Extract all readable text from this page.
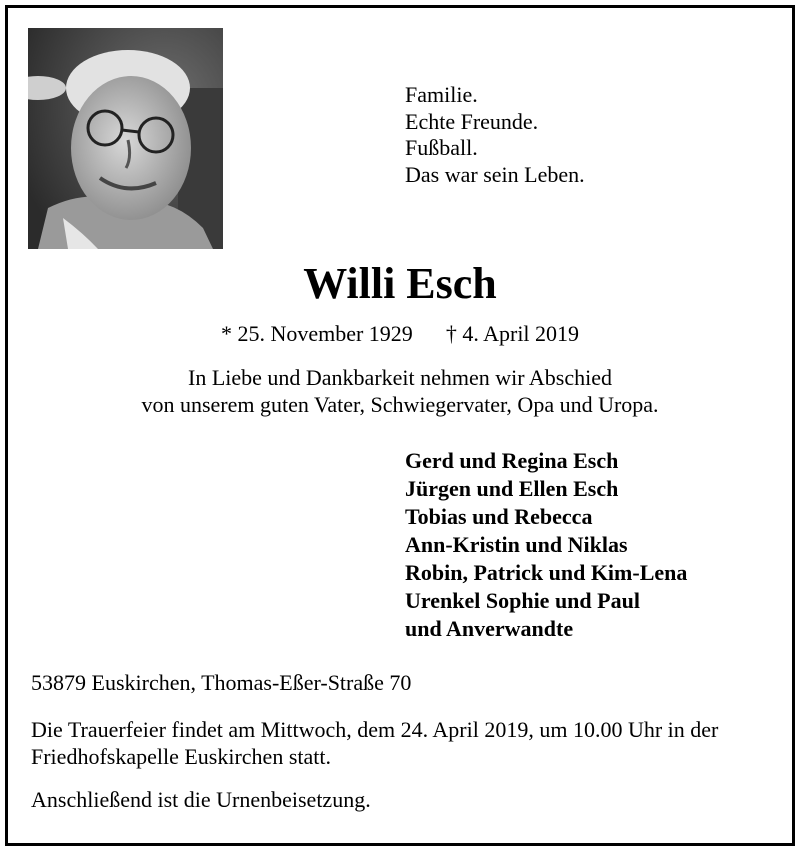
Familie.
Echte Freunde.
Fußball.
Das war sein Leben.
Willi Esch
* 25. November 1929 † 4. April 2019
In Liebe und Dankbarkeit nehmen wir Abschied
von unserem guten Vater, Schwiegervater, Opa und Uropa.
Gerd und Regina Esch
Jürgen und Ellen Esch
Tobias und Rebecca
Ann-Kristin und Niklas
Robin, Patrick und Kim-Lena
Urenkel Sophie und Paul
und Anverwandte
53879 Euskirchen, Thomas-Eßer-Straße 70
Die Trauerfeier findet am Mittwoch, dem 24. April 2019, um 10.00 Uhr in der
Friedhofskapelle Euskirchen statt.
Anschließend ist die Urnenbeisetzung.
